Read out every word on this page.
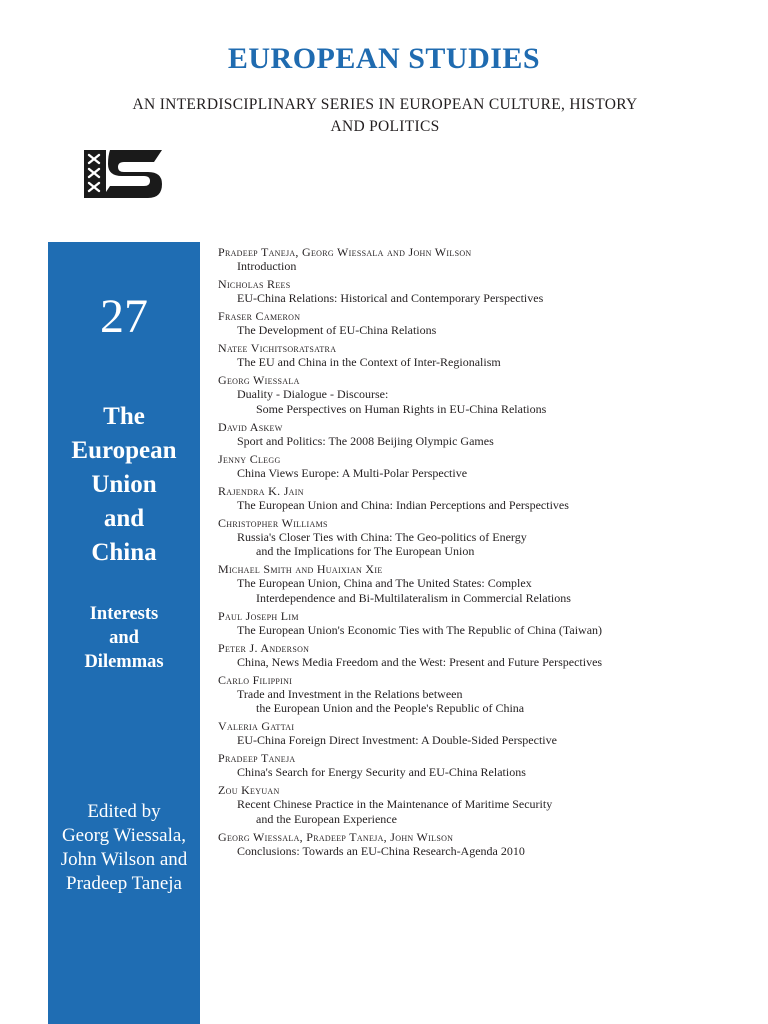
EUROPEAN STUDIES
AN INTERDISCIPLINARY SERIES IN EUROPEAN CULTURE, HISTORY
AND POLITICS
27
The
European
Union
and
China
Interests
and
Dilemmas
Edited by
Georg Wiessala,
John Wilson and
Pradeep Taneja
Pradeep Taneja, Georg Wiessala and John Wilson
Introduction
Nicholas Rees
EU-China Relations: Historical and Contemporary Perspectives
Fraser Cameron
The Development of EU-China Relations
Natee Vichitsoratsatra
The EU and China in the Context of Inter-Regionalism
Georg Wiessala
Duality - Dialogue - Discourse:
Some Perspectives on Human Rights in EU-China Relations
David Askew
Sport and Politics: The 2008 Beijing Olympic Games
Jenny Clegg
China Views Europe: A Multi-Polar Perspective
Rajendra K. Jain
The European Union and China: Indian Perceptions and Perspectives
Christopher Williams
Russia's Closer Ties with China: The Geo-politics of Energy
and the Implications for The European Union
Michael Smith and Huaixian Xie
The European Union, China and The United States: Complex
Interdependence and Bi-Multilateralism in Commercial Relations
Paul Joseph Lim
The European Union's Economic Ties with The Republic of China (Taiwan)
Peter J. Anderson
China, News Media Freedom and the West: Present and Future Perspectives
Carlo Filippini
Trade and Investment in the Relations between
the European Union and the People's Republic of China
Valeria Gattai
EU-China Foreign Direct Investment: A Double-Sided Perspective
Pradeep Taneja
China's Search for Energy Security and EU-China Relations
Zou Keyuan
Recent Chinese Practice in the Maintenance of Maritime Security
and the European Experience
Georg Wiessala, Pradeep Taneja, John Wilson
Conclusions: Towards an EU-China Research-Agenda 2010
